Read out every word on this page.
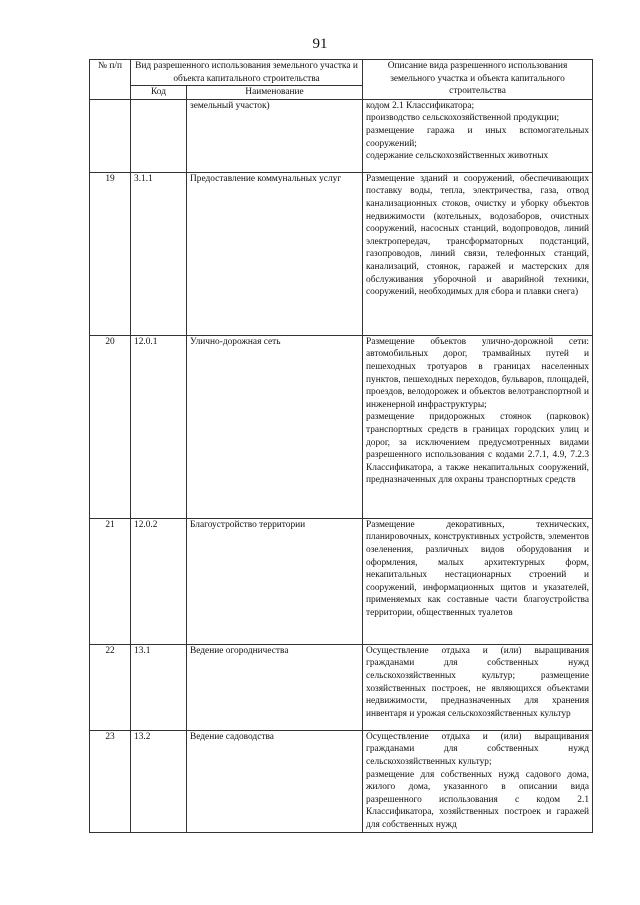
91
№ п/п	Вид разрешенного использования земельного участка и объекта капитального строительства		Описание вида разрешенного использования земельного участка и объекта капитального строительства
	Код	Наименование	
		земельный участок)	кодом 2.1 Классификатора;

производство сельскохозяйственной продукции;

размещение гаража и иных вспомогательных сооружений;

содержание сельскохозяйственных животных

19	3.1.1	Предоставление коммунальных услуг	Размещение зданий и сооружений, обеспечивающих поставку воды, тепла, электричества, газа, отвод канализационных стоков, очистку и уборку объектов недвижимости (котельных, водозаборов, очистных сооружений, насосных станций, водопроводов, линий электропередач, трансформаторных подстанций, газопроводов, линий связи, телефонных станций, канализаций, стоянок, гаражей и мастерских для обслуживания уборочной и аварийной техники, сооружений, необходимых для сбора и плавки снега)

20	12.0.1	Улично-дорожная сеть	Размещение объектов улично-дорожной сети: автомобильных дорог, трамвайных путей и пешеходных тротуаров в границах населенных пунктов, пешеходных переходов, бульваров, площадей, проездов, велодорожек и объектов велотранспортной и инженерной инфраструктуры;

размещение придорожных стоянок (парковок) транспортных средств в границах городских улиц и дорог, за исключением предусмотренных видами разрешенного использования с кодами 2.7.1, 4.9, 7.2.3 Классификатора, а также некапитальных сооружений, предназначенных для охраны транспортных средств

21	12.0.2	Благоустройство территории	Размещение декоративных, технических, планировочных, конструктивных устройств, элементов озеленения, различных видов оборудования и оформления, малых архитектурных форм, некапитальных нестационарных строений и сооружений, информационных щитов и указателей, применяемых как составные части благоустройства территории, общественных туалетов

22	13.1	Ведение огородничества	Осуществление отдыха и (или) выращивания гражданами для собственных нужд сельскохозяйственных культур; размещение хозяйственных построек, не являющихся объектами недвижимости, предназначенных для хранения инвентаря и урожая сельскохозяйственных культур

23	13.2	Ведение садоводства	Осуществление отдыха и (или) выращивания гражданами для собственных нужд сельскохозяйственных культур;

размещение для собственных нужд садового дома, жилого дома, указанного в описании вида разрешенного использования с кодом 2.1 Классификатора, хозяйственных построек и гаражей для собственных нужд
